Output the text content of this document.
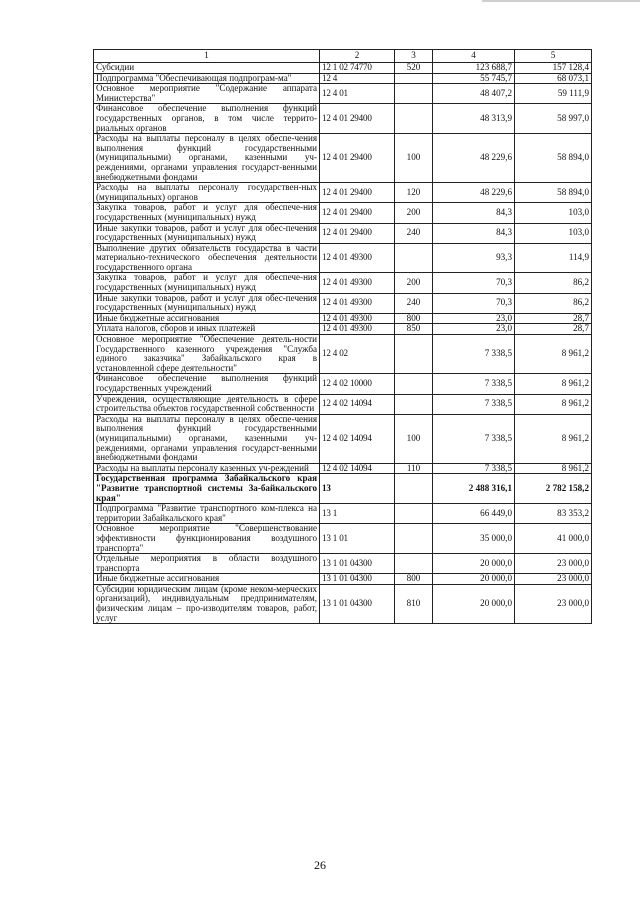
1	2	3	4	5
Субсидии	12 1 02 74770	520	123 688,7	157 128,4
Подпрограмма "Обеспечивающая подпрограм-ма"	12 4		55 745,7	68 073,1
Основное мероприятие "Содержание аппарата Министерства"	12 4 01		48 407,2	59 111,9
Финансовое обеспечение выполнения функций государственных органов, в том числе террито-риальных органов	12 4 01 29400		48 313,9	58 997,0
Расходы на выплаты персоналу в целях обеспе-чения выполнения функций государственными (муниципальными) органами, казенными уч-реждениями, органами управления государст-венными внебюджетными фондами	12 4 01 29400	100	48 229,6	58 894,0
Расходы на выплаты персоналу государствен-ных (муниципальных) органов	12 4 01 29400	120	48 229,6	58 894,0
Закупка товаров, работ и услуг для обеспече-ния государственных (муниципальных) нужд	12 4 01 29400	200	84,3	103,0
Иные закупки товаров, работ и услуг для обес-печения государственных (муниципальных) нужд	12 4 01 29400	240	84,3	103,0
Выполнение других обязательств государства в части материально-технического обеспечения деятельности государственного органа	12 4 01 49300		93,3	114,9
Закупка товаров, работ и услуг для обеспече-ния государственных (муниципальных) нужд	12 4 01 49300	200	70,3	86,2
Иные закупки товаров, работ и услуг для обес-печения государственных (муниципальных) нужд	12 4 01 49300	240	70,3	86,2
Иные бюджетные ассигнования	12 4 01 49300	800	23,0	28,7
Уплата налогов, сборов и иных платежей	12 4 01 49300	850	23,0	28,7
Основное мероприятие "Обеспечение деятель-ности Государственного казенного учреждения "Служба единого заказчика" Забайкальского края в установленной сфере деятельности"	12 4 02		7 338,5	8 961,2
Финансовое обеспечение выполнения функций государственных учреждений	12 4 02 10000		7 338,5	8 961,2
Учреждения, осуществляющие деятельность в сфере строительства объектов государственной собственности	12 4 02 14094		7 338,5	8 961,2
Расходы на выплаты персоналу в целях обеспе-чения выполнения функций государственными (муниципальными) органами, казенными уч-реждениями, органами управления государст-венными внебюджетными фондами	12 4 02 14094	100	7 338,5	8 961,2
Расходы на выплаты персоналу казенных уч-реждений	12 4 02 14094	110	7 338,5	8 961,2
Государственная программа Забайкальского края "Развитие транспортной системы За-байкальского края"	13		2 488 316,1	2 782 158,2
Подпрограмма "Развитие транспортного ком-плекса на территории Забайкальского края"	13 1		66 449,0	83 353,2
Основное мероприятие "Совершенствование эффективности функционирования воздушного транспорта"	13 1 01		35 000,0	41 000,0
Отдельные мероприятия в области воздушного транспорта	13 1 01 04300		20 000,0	23 000,0
Иные бюджетные ассигнования	13 1 01 04300	800	20 000,0	23 000,0
Субсидии юридическим лицам (кроме неком-мерческих организаций), индивидуальным предпринимателям, физическим лицам – про-изводителям товаров, работ, услуг	13 1 01 04300	810	20 000,0	23 000,0
26
